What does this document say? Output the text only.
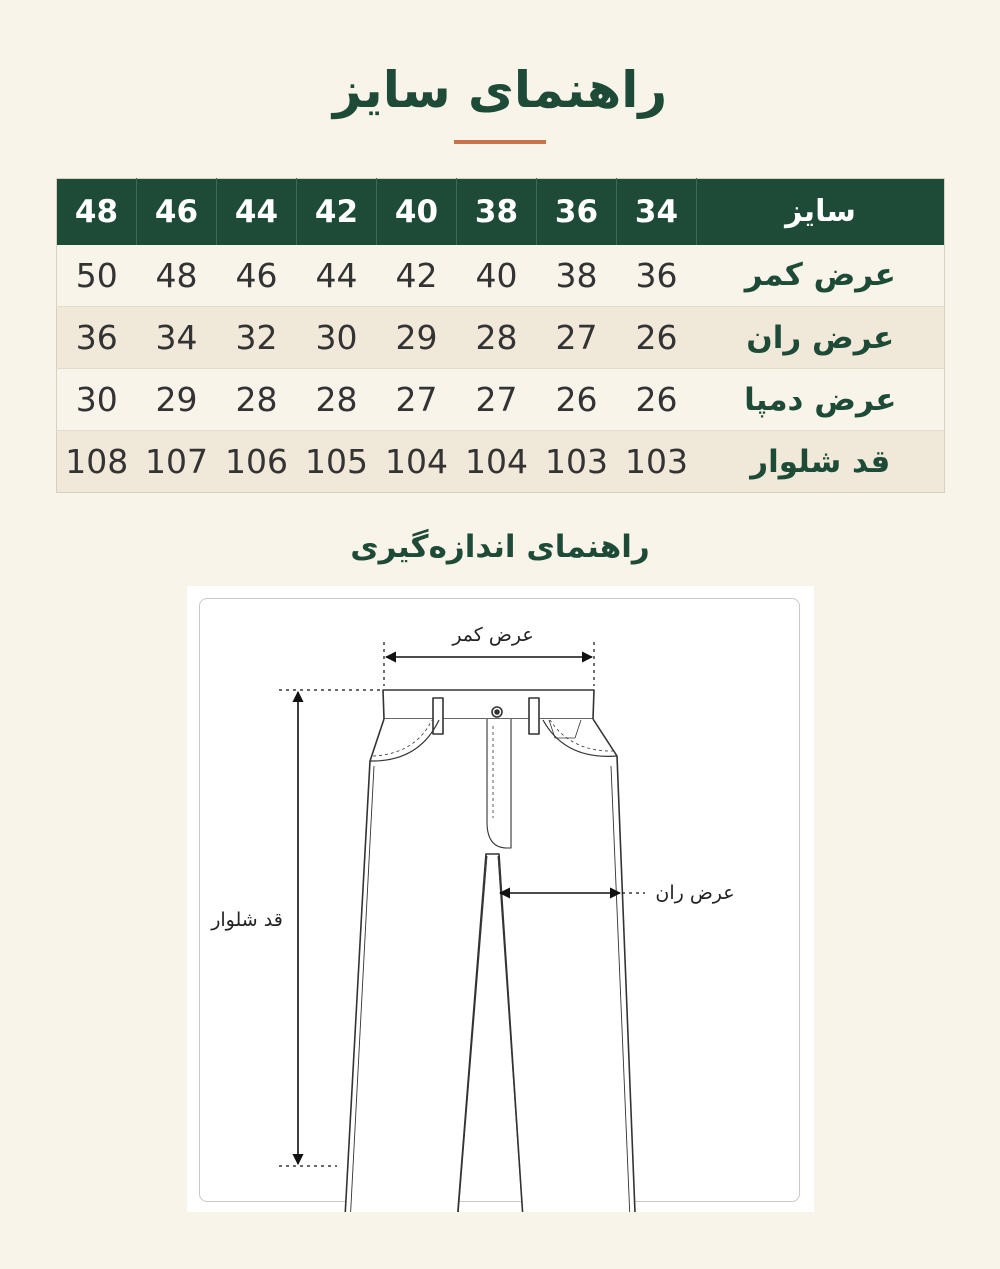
راهنمای سایز
48	46	44	42	40	38	36	34	سایز
50	48	46	44	42	40	38	36	عرض کمر
36	34	32	30	29	28	27	26	عرض ران
30	29	28	28	27	27	26	26	عرض دمپا
108	107	106	105	104	104	103	103	قد شلوار
راهنمای اندازه‌گیری
عرض کمر
قد شلوار
عرض ران
